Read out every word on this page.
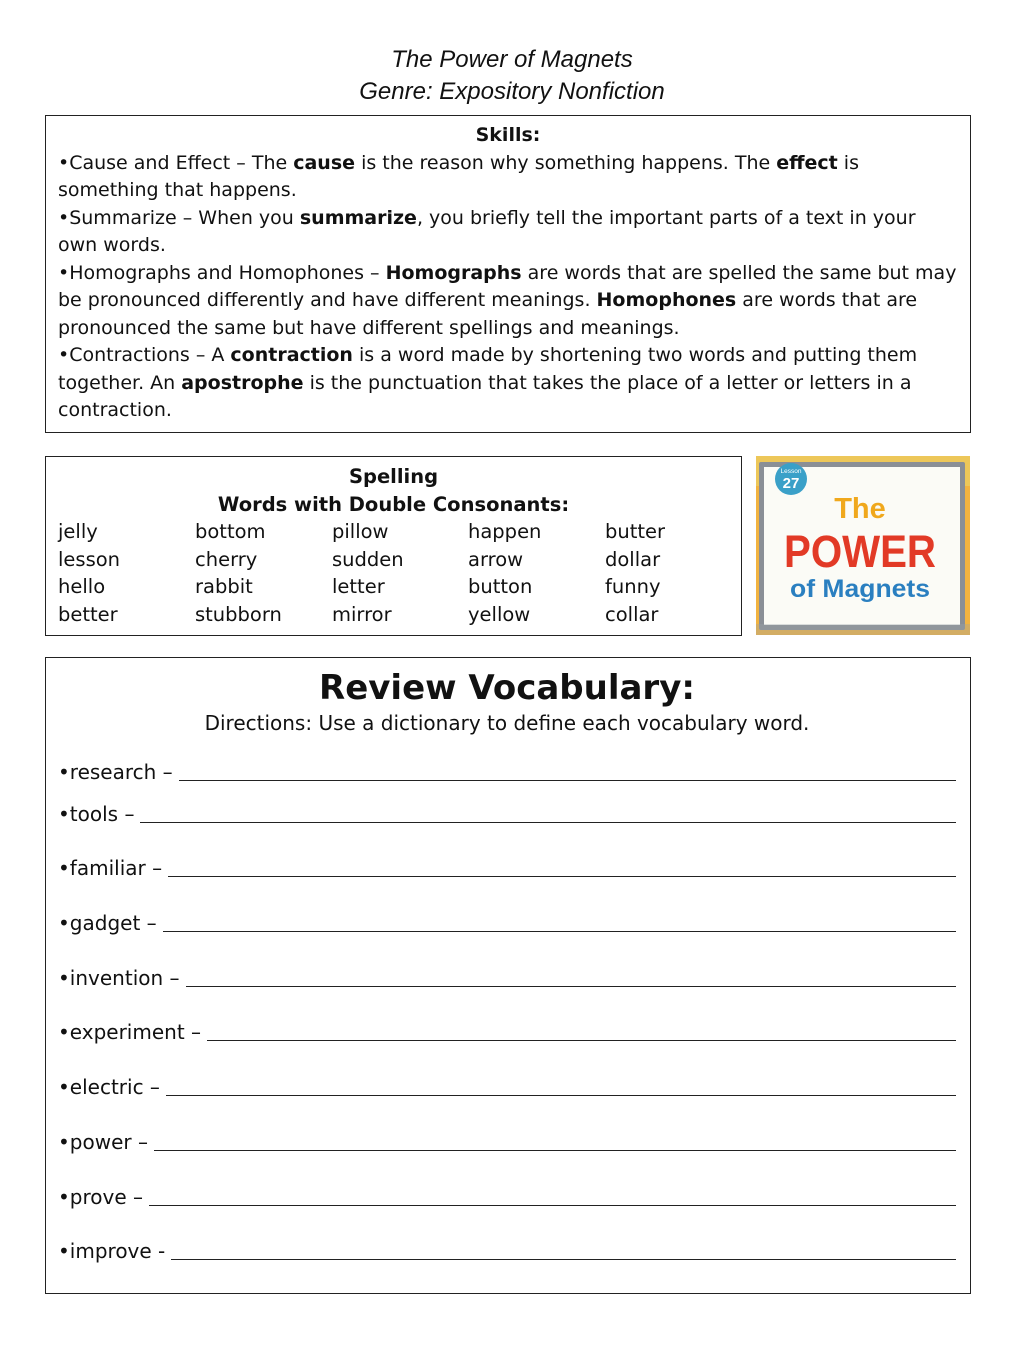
The Power of Magnets
Genre: Expository Nonfiction
Skills:
•Cause and Effect – The cause is the reason why something happens. The effect is something that happens.
•Summarize – When you summarize, you briefly tell the important parts of a text in your own words.
•Homographs and Homophones – Homographs are words that are spelled the same but may be pronounced differently and have different meanings. Homophones are words that are pronounced the same but have different spellings and meanings.
•Contractions – A contraction is a word made by shortening two words and putting them together. An apostrophe is the punctuation that takes the place of a letter or letters in a contraction.
Spelling
Words with Double Consonants:
jelly	bottom	pillow	happen	butter
lesson	cherry	sudden	arrow	dollar
hello	rabbit	letter	button	funny
better	stubborn	mirror	yellow	collar
Lesson
27
The
POWER
of Magnets
Review Vocabulary:
Directions: Use a dictionary to define each vocabulary word.
•research –
•tools –
•familiar –
•gadget –
•invention –
•experiment –
•electric –
•power –
•prove –
•improve -
